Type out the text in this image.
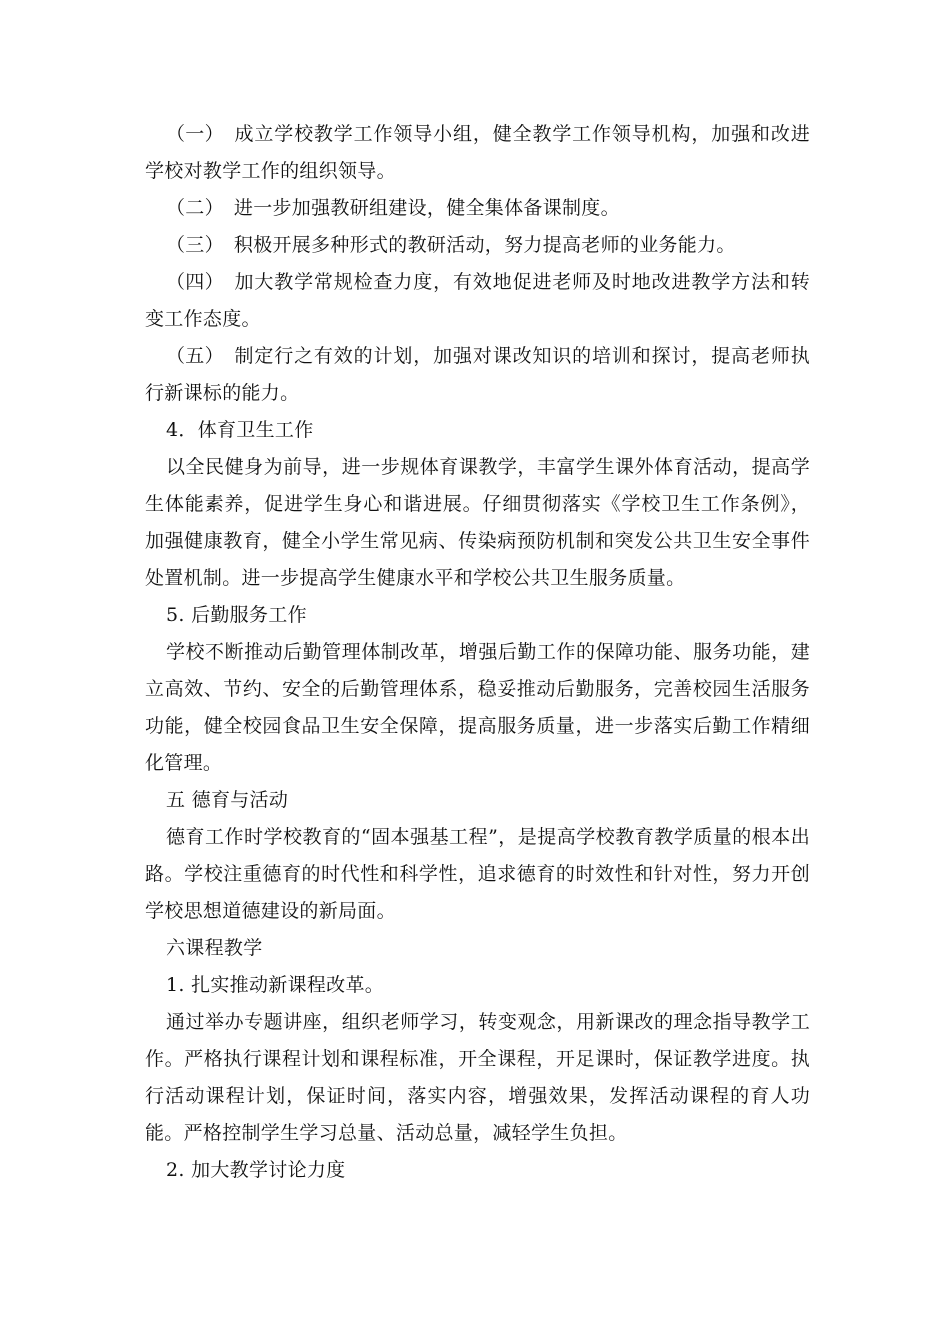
（一） 成立学校教学工作领导小组，健全教学工作领导机构，加强和改进学校对教学工作的组织领导。

（二） 进一步加强教研组建设，健全集体备课制度。

（三） 积极开展多种形式的教研活动，努力提高老师的业务能力。

（四） 加大教学常规检查力度，有效地促进老师及时地改进教学方法和转变工作态度。

（五） 制定行之有效的计划，加强对课改知识的培训和探讨，提高老师执行新课标的能力。

4．体育卫生工作

以全民健身为前导，进一步规体育课教学，丰富学生课外体育活动，提高学生体能素养，促进学生身心和谐进展。仔细贯彻落实《学校卫生工作条例》，加强健康教育，健全小学生常见病、传染病预防机制和突发公共卫生安全事件处置机制。进一步提高学生健康水平和学校公共卫生服务质量。

5. 后勤服务工作

学校不断推动后勤管理体制改革，增强后勤工作的保障功能、服务功能，建立高效、节约、安全的后勤管理体系，稳妥推动后勤服务，完善校园生活服务功能，健全校园食品卫生安全保障，提高服务质量，进一步落实后勤工作精细化管理。

五 德育与活动

德育工作时学校教育的“固本强基工程”，是提高学校教育教学质量的根本出路。学校注重德育的时代性和科学性，追求德育的时效性和针对性，努力开创学校思想道德建设的新局面。

六课程教学

1. 扎实推动新课程改革。

通过举办专题讲座，组织老师学习，转变观念，用新课改的理念指导教学工作。严格执行课程计划和课程标准，开全课程，开足课时，保证教学进度。执行活动课程计划，保证时间，落实内容，增强效果，发挥活动课程的育人功能。严格控制学生学习总量、活动总量，减轻学生负担。

2. 加大教学讨论力度
